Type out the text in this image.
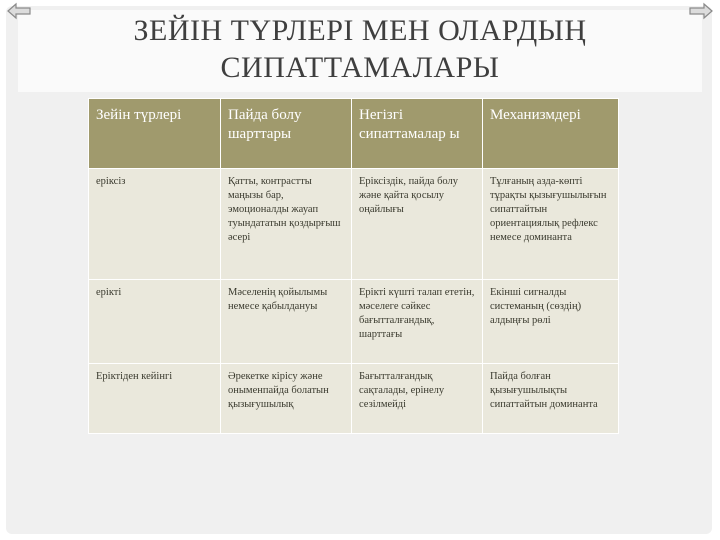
ЗЕЙІН ТҮРЛЕРІ МЕН ОЛАРДЫҢ
СИПАТТАМАЛАРЫ
Зейін түрлері	Пайда болу шарттары	Негізгі сипаттамалар ы	Механизмдері
еріксіз	Қатты, контрастты маңызы бар, эмоционалды жауап туындататын қоздырғыш әсері	Еріксіздік, пайда болу және қайта қосылу оңайлығы	Тұлғаның аздa-көпті тұрақты қызығушылығын сипаттайтын ориентациялық рефлекс немесе доминанта
ерікті	Мәселенің қойылымы немесе қабылдануы	Ерікті күшті талап ететін, мәселеге сәйкес бағытталғандық, шарттағы	Екінші сигналды системаның (сөздің) алдыңғы рөлі
Еріктіден кейінгі	Әрекетке кірісу және оныменпайда болатын қызығушылық	Бағытталғандық сақталады, ерінелу сезілмейді	Пайда болған қызығушылықты сипаттайтын доминанта
